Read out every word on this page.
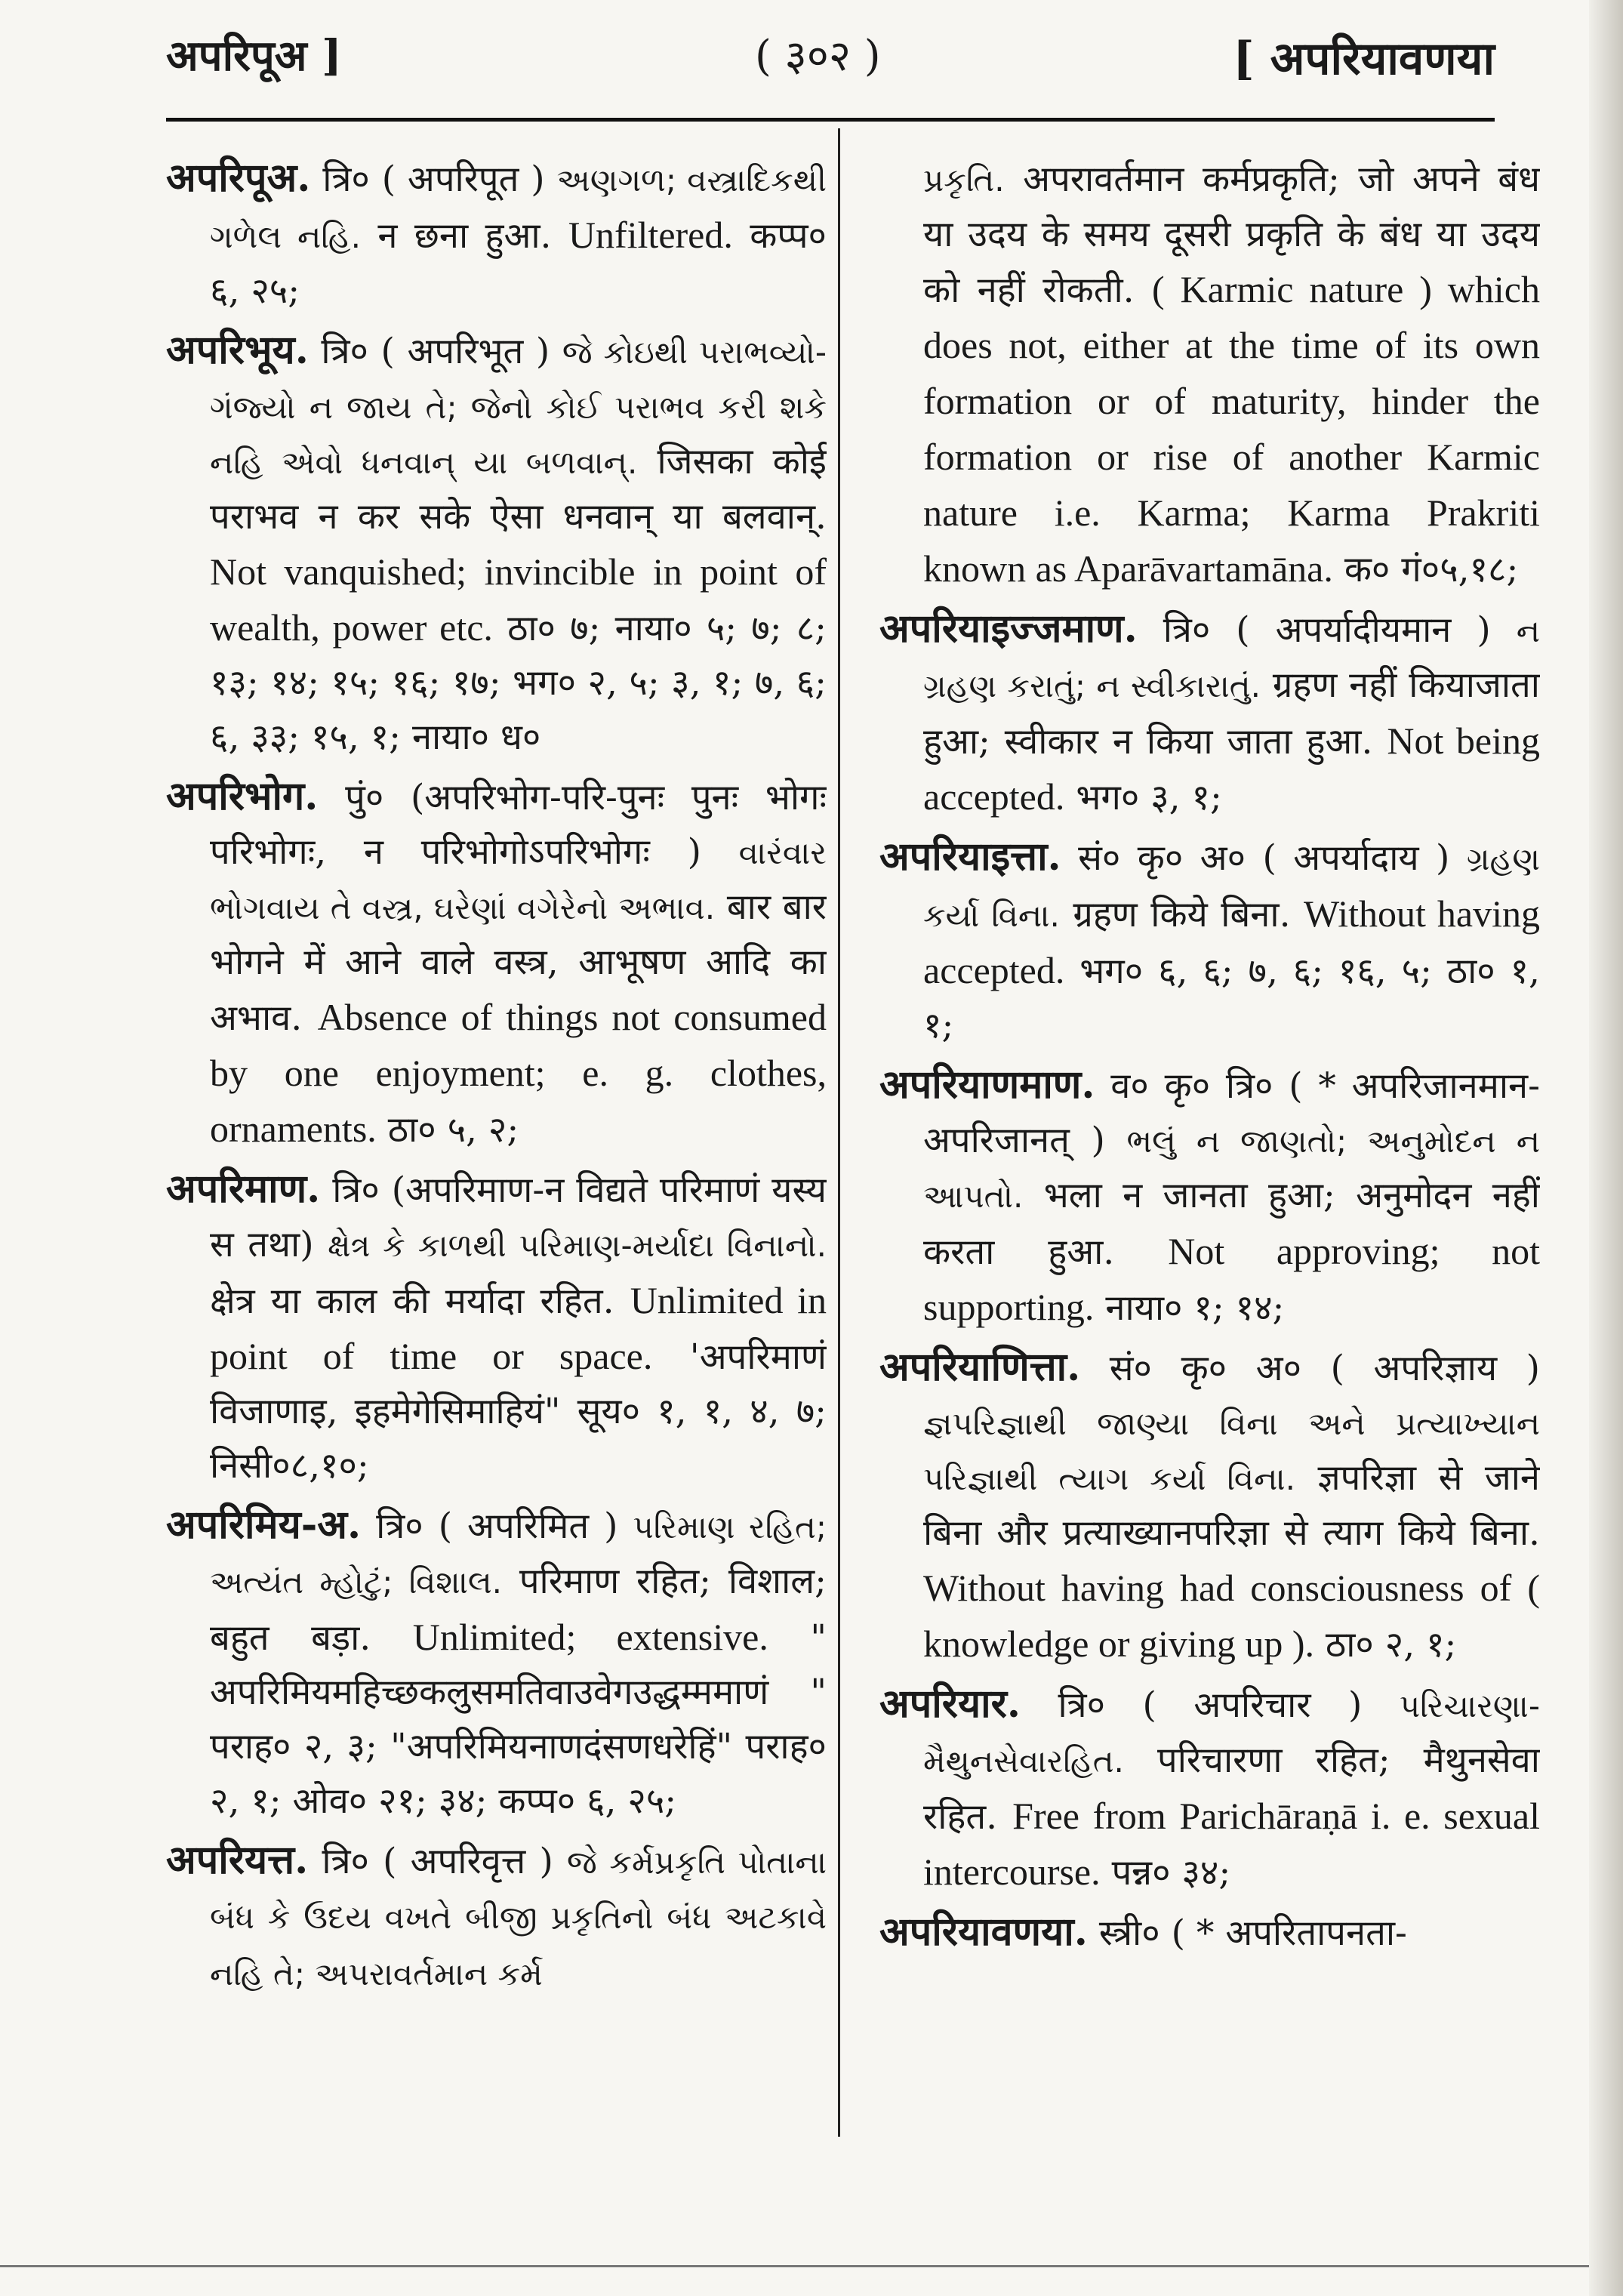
अपरिपूअ ]	( ३०२ )	[ अपरियावणया

अपरिपूअ. त्रि० ( अपरिपूत ) અણગળ; વસ્ત્રાદિકથી ગળેલ નહિ. न छना हुआ. Unfiltered. कप्प० ६, २५;

अपरिभूय. त्रि० ( अपरिभूत ) જે કોઇથી પરાભવ્યો-ગંજ્યો ન જાય તે; જેનો કોઈ પરાભવ કરી શકે નહિ એવો ધનવાન્ યા બળવાન્. जिसका कोई पराभव न कर सके ऐसा धनवान् या बलवान्. Not vanquished; invincible in point of wealth, power etc. ठा० ७; नाया० ५; ७; ८; १३; १४; १५; १६; १७; भग० २, ५; ३, १; ७, ६; ६, ३३; १५, १; नाया० ध०

अपरिभोग. पुं० (अपरिभोग-परि-पुनः पुनः भोगः परिभोगः, न परिभोगोऽपरिभोगः ) વારંવાર ભોગવાય તે વસ્ત્ર, ઘરેણાં વગેરેનો અભાવ. बार बार भोगने में आने वाले वस्त्र, आभूषण आदि का अभाव. Absence of things not consumed by one enjoyment; e. g. clothes, ornaments. ठा० ५, २;

अपरिमाण. त्रि० (अपरिमाण-न विद्यते परिमाणं यस्य स तथा) ક્ષેત્ર કે કાળથી પરિમાણ-મર્યાદા વિનાનો. क्षेत्र या काल की मर्यादा रहित. Unlimited in point of time or space. 'अपरिमाणं विजाणाइ, इहमेगेसिमाहियं" सूय० १, १, ४, ७; निसी०८,१०;

अपरिमिय-अ. त्रि० ( अपरिमित ) પરિમાણ રહિત; અત્યંત મ્હોટું; વિશાલ. परिमाण रहित; विशाल; बहुत बड़ा. Unlimited; extensive. " अपरिमियमहिच्छकलुसमतिवाउवेगउद्धम्ममाणं " पराह० २, ३; "अपरिमियनाणदंसणधरेहिं" पराह० २, १; ओव० २१; ३४; कप्प० ६, २५;

अपरियत्त. त्रि० ( अपरिवृत्त ) જે કર્મપ્રકૃતિ પોતાના બંધ કે ઉદય વખતે બીજી પ્રકૃતિનો બંધ અટકાવે નહિ તે; અપરાવર્તમાન કર્મ

પ્રકૃતિ. अपरावर्तमान कर्मप्रकृति; जो अपने बंध या उदय के समय दूसरी प्रकृति के बंध या उदय को नहीं रोकती. ( Karmic nature ) which does not, either at the time of its own formation or of maturity, hinder the formation or rise of another Karmic nature i.e. Karma; Karma Prakriti known as Aparāvartamāna. क० गं०५,१८;

अपरियाइज्जमाण. त्रि० ( अपर्यादीयमान ) ન ગ્રહણ કરાતું; ન સ્વીકારાતું. ग्रहण नहीं कियाजाता हुआ; स्वीकार न किया जाता हुआ. Not being accepted. भग० ३, १;

अपरियाइत्ता. सं० कृ० अ० ( अपर्यादाय ) ગ્રહણ કર્યા વિના. ग्रहण किये बिना. Without having accepted. भग० ६, ६; ७, ६; १६, ५; ठा० १, १;

अपरियाणमाण. व० कृ० त्रि० ( * अपरिजानमान-अपरिजानत् ) ભલું ન જાણતો; અનુમોદન ન આપતો. भला न जानता हुआ; अनुमोदन नहीं करता हुआ. Not approving; not supporting. नाया० १; १४;

अपरियाणित्ता. सं० कृ० अ० ( अपरिज्ञाय ) જ્ઞપરિજ્ઞાથી જાણ્યા વિના અને પ્રત્યાખ્યાન પરિજ્ઞાથી ત્યાગ કર્યા વિના. ज्ञपरिज्ञा से जाने बिना और प्रत्याख्यानपरिज्ञा से त्याग किये बिना. Without having had consciousness of ( knowledge or giving up ). ठा० २, १;

अपरियार. त्रि० ( अपरिचार ) પરિચારણા-મૈથુનસેવારહિત. परिचारणा रहित; मैथुनसेवा रहित. Free from Parichāraṇā i. e. sexual intercourse. पन्न० ३४;

अपरियावणया. स्त्री० ( * अपरितापनता-
